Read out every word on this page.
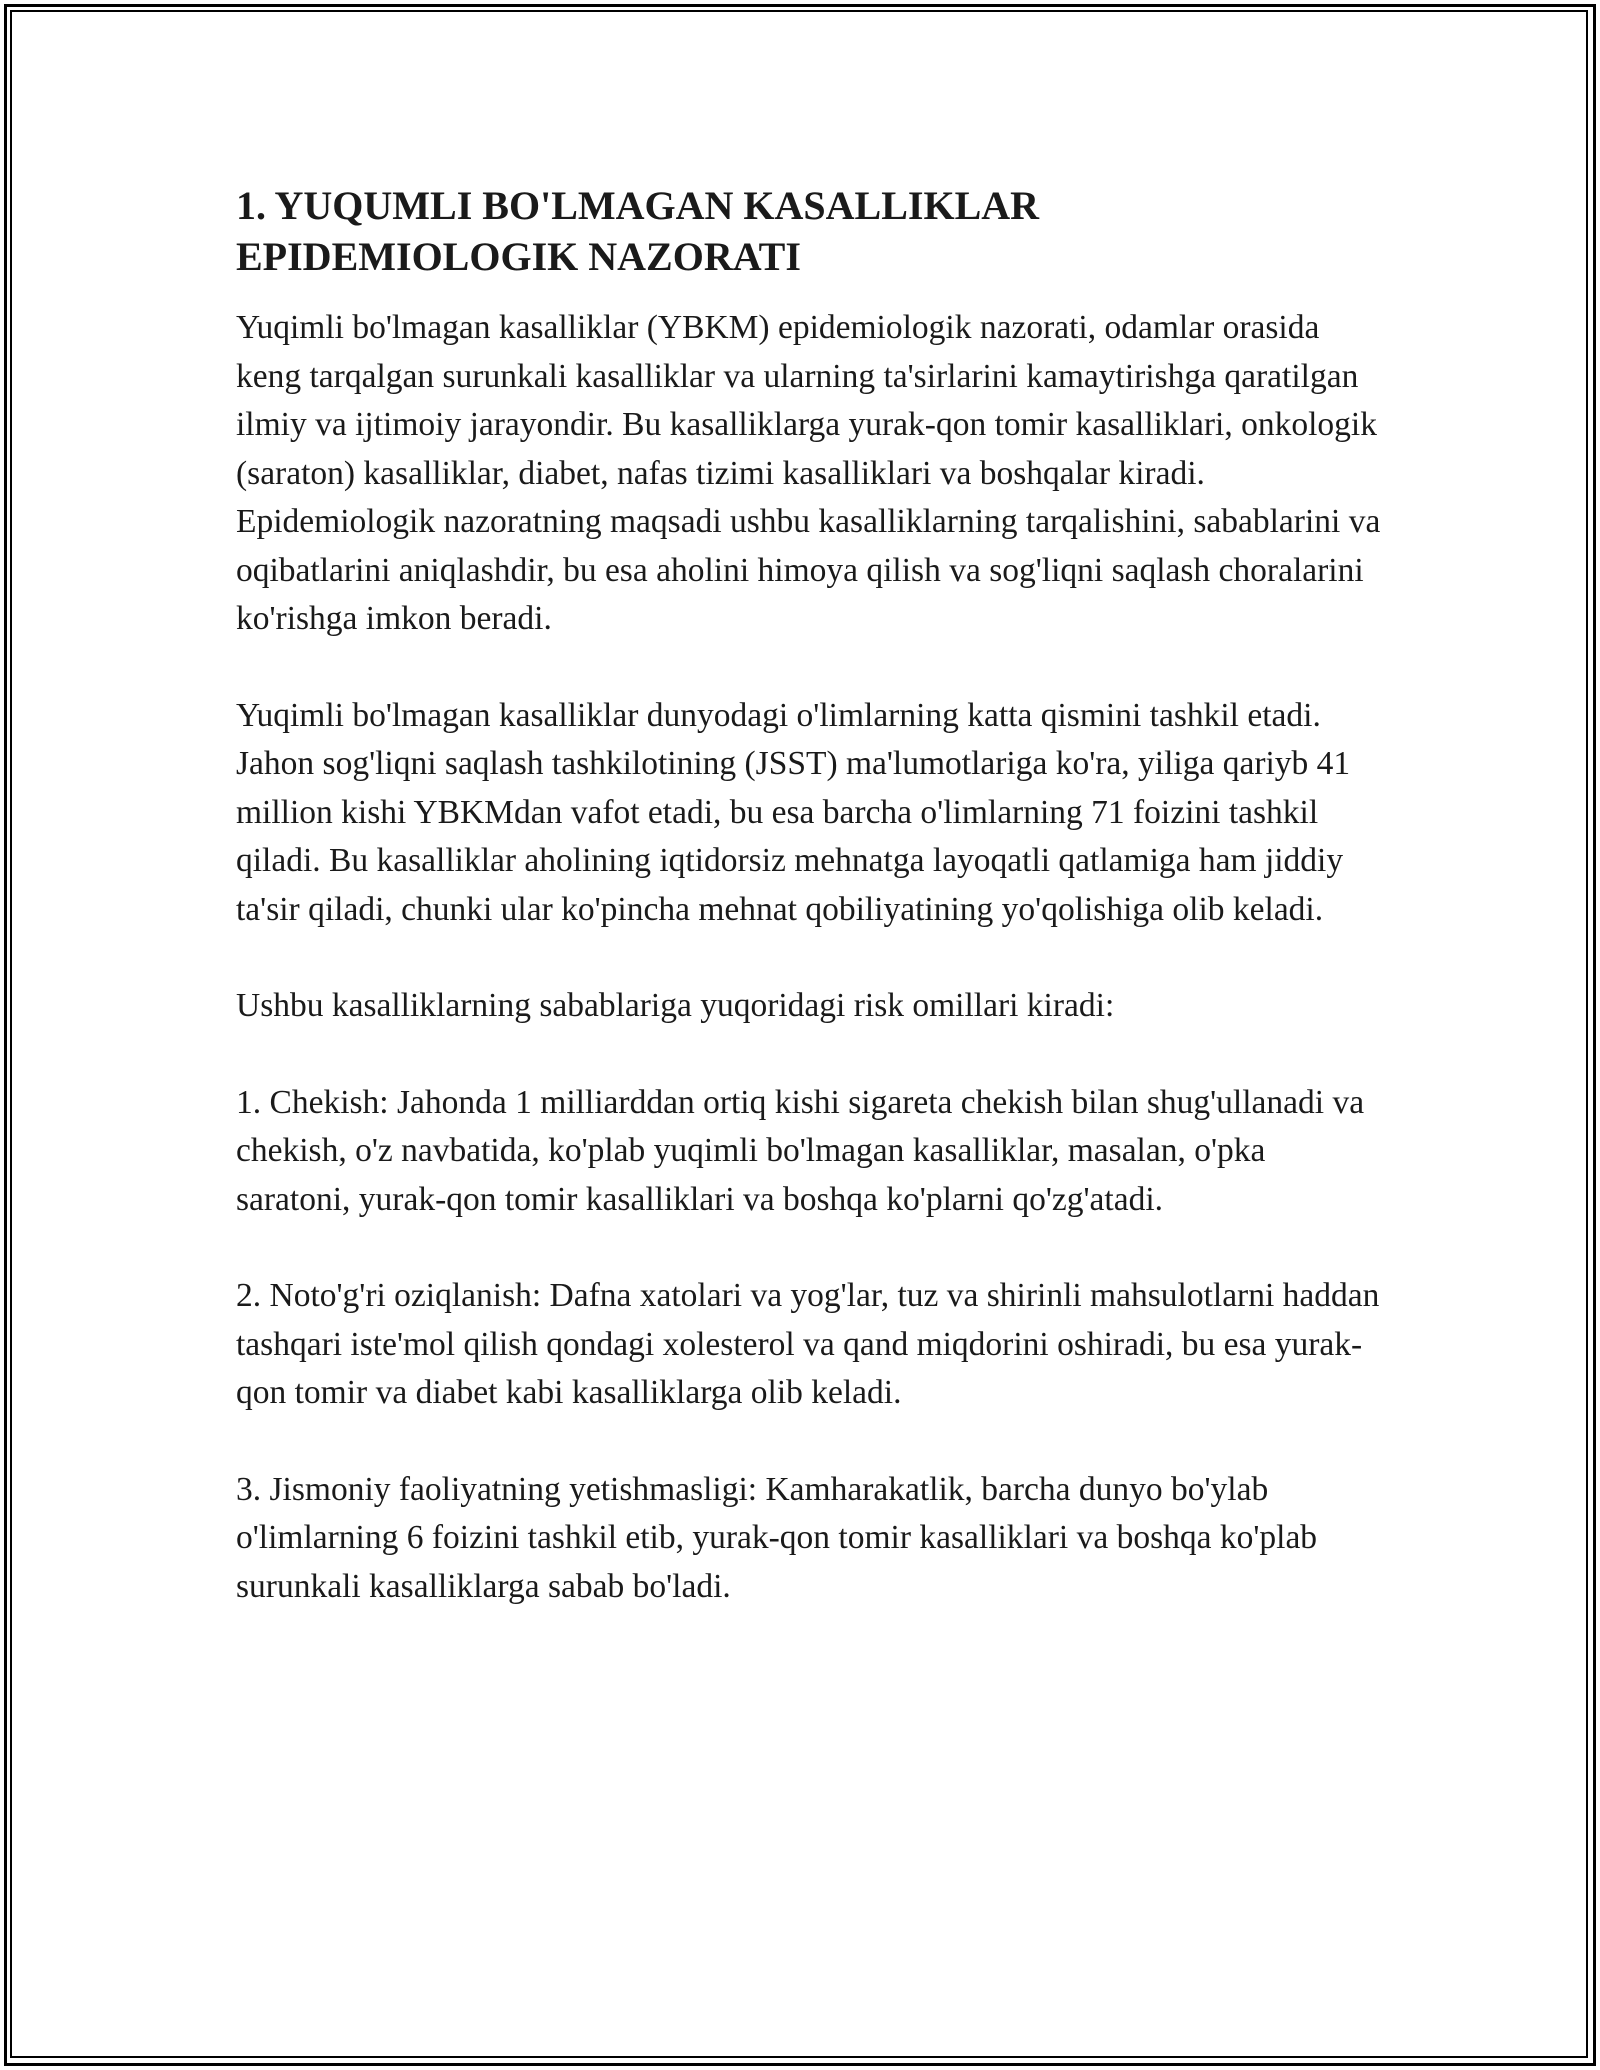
1. YUQUMLI BO'LMAGAN KASALLIKLAR
EPIDEMIOLOGIK NAZORATI

Yuqimli bo'lmagan kasalliklar (YBKM) epidemiologik nazorati, odamlar orasida keng tarqalgan surunkali kasalliklar va ularning ta'sirlarini kamaytirishga qaratilgan ilmiy va ijtimoiy jarayondir. Bu kasalliklarga yurak-qon tomir kasalliklari, onkologik (saraton) kasalliklar, diabet, nafas tizimi kasalliklari va boshqalar kiradi. Epidemiologik nazoratning maqsadi ushbu kasalliklarning tarqalishini, sabablarini va oqibatlarini aniqlashdir, bu esa aholini himoya qilish va sog'liqni saqlash choralarini ko'rishga imkon beradi.

Yuqimli bo'lmagan kasalliklar dunyodagi o'limlarning katta qismini tashkil etadi. Jahon sog'liqni saqlash tashkilotining (JSST) ma'lumotlariga ko'ra, yiliga qariyb 41 million kishi YBKMdan vafot etadi, bu esa barcha o'limlarning 71 foizini tashkil qiladi. Bu kasalliklar aholining iqtidorsiz mehnatga layoqatli qatlamiga ham jiddiy ta'sir qiladi, chunki ular ko'pincha mehnat qobiliyatining yo'qolishiga olib keladi.

Ushbu kasalliklarning sabablariga yuqoridagi risk omillari kiradi:

1. Chekish: Jahonda 1 milliarddan ortiq kishi sigareta chekish bilan shug'ullanadi va chekish, o'z navbatida, ko'plab yuqimli bo'lmagan kasalliklar, masalan, o'pka saratoni, yurak-qon tomir kasalliklari va boshqa ko'plarni qo'zg'atadi.

2. Noto'g'ri oziqlanish: Dafna xatolari va yog'lar, tuz va shirinli mahsulotlarni haddan tashqari iste'mol qilish qondagi xolesterol va qand miqdorini oshiradi, bu esa yurak-qon tomir va diabet kabi kasalliklarga olib keladi.

3. Jismoniy faoliyatning yetishmasligi: Kamharakatlik, barcha dunyo bo'ylab o'limlarning 6 foizini tashkil etib, yurak-qon tomir kasalliklari va boshqa ko'plab surunkali kasalliklarga sabab bo'ladi.
